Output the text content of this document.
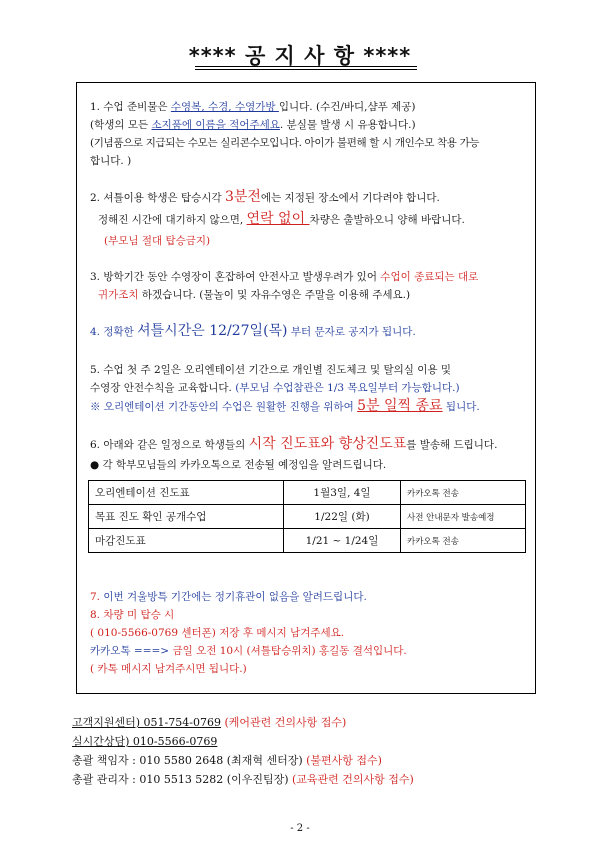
**** 공 지 사 항 ****
1. 수업 준비물은 수영복, 수경, 수영가방 입니다. (수건/바디,샴푸 제공)
(학생의 모든 소지품에 이름을 적어주세요. 분실물 발생 시 유용합니다.)
(기념품으로 지급되는 수모는 실리콘수모입니다. 아이가 불편해 할 시 개인수모 착용 가능
합니다. )
2. 셔틀이용 학생은 탑승시각 3분전에는 지정된 장소에서 기다려야 합니다.
정해진 시간에 대기하지 않으면, 연락 없이 차량은 출발하오니 양해 바랍니다.
(부모님 절대 탑승금지)
3. 방학기간 동안 수영장이 혼잡하여 안전사고 발생우려가 있어 수업이 종료되는 대로
귀가조치 하겠습니다. (물놀이 및 자유수영은 주말을 이용해 주세요.)
4. 정확한 셔틀시간은 12/27일(목) 부터 문자로 공지가 됩니다.
5. 수업 첫 주 2일은 오리엔테이션 기간으로 개인별 진도체크 및 탈의실 이용 및
수영장 안전수칙을 교육합니다. (부모님 수업참관은 1/3 목요일부터 가능합니다.)
※ 오리엔테이션 기간동안의 수업은 원활한 진행을 위하여 5분 일찍 종료 됩니다.
6. 아래와 같은 일정으로 학생들의 시작 진도표와 향상진도표를 발송해 드립니다.
● 각 학부모님들의 카카오톡으로 전송될 예정임을 알려드립니다.
오리엔테이션 진도표	1월3일, 4일	카카오톡 전송
목표 진도 확인 공개수업	1/22일 (화)	사전 안내문자 발송예정
마감진도표	1/21 ~ 1/24일	카카오톡 전송
7. 이번 겨울방특 기간에는 정기휴관이 없음을 알려드립니다.
8. 차량 미 탑승 시
( 010-5566-0769 센터폰) 저장 후 메시지 남겨주세요.
카카오톡 ===> 금일 오전 10시 (셔틀탑승위치) 홍길동 결석입니다.
( 카톡 메시지 남겨주시면 됩니다.)
고객지원센터) 051-754-0769 (케어관련 건의사항 접수)
실시간상담) 010-5566-0769
총괄 책임자 : 010 5580 2648 (최재혁 센터장) (불편사항 접수)
총괄 관리자 : 010 5513 5282 (이우진팀장) (교육관련 건의사항 접수)
- 2 -
